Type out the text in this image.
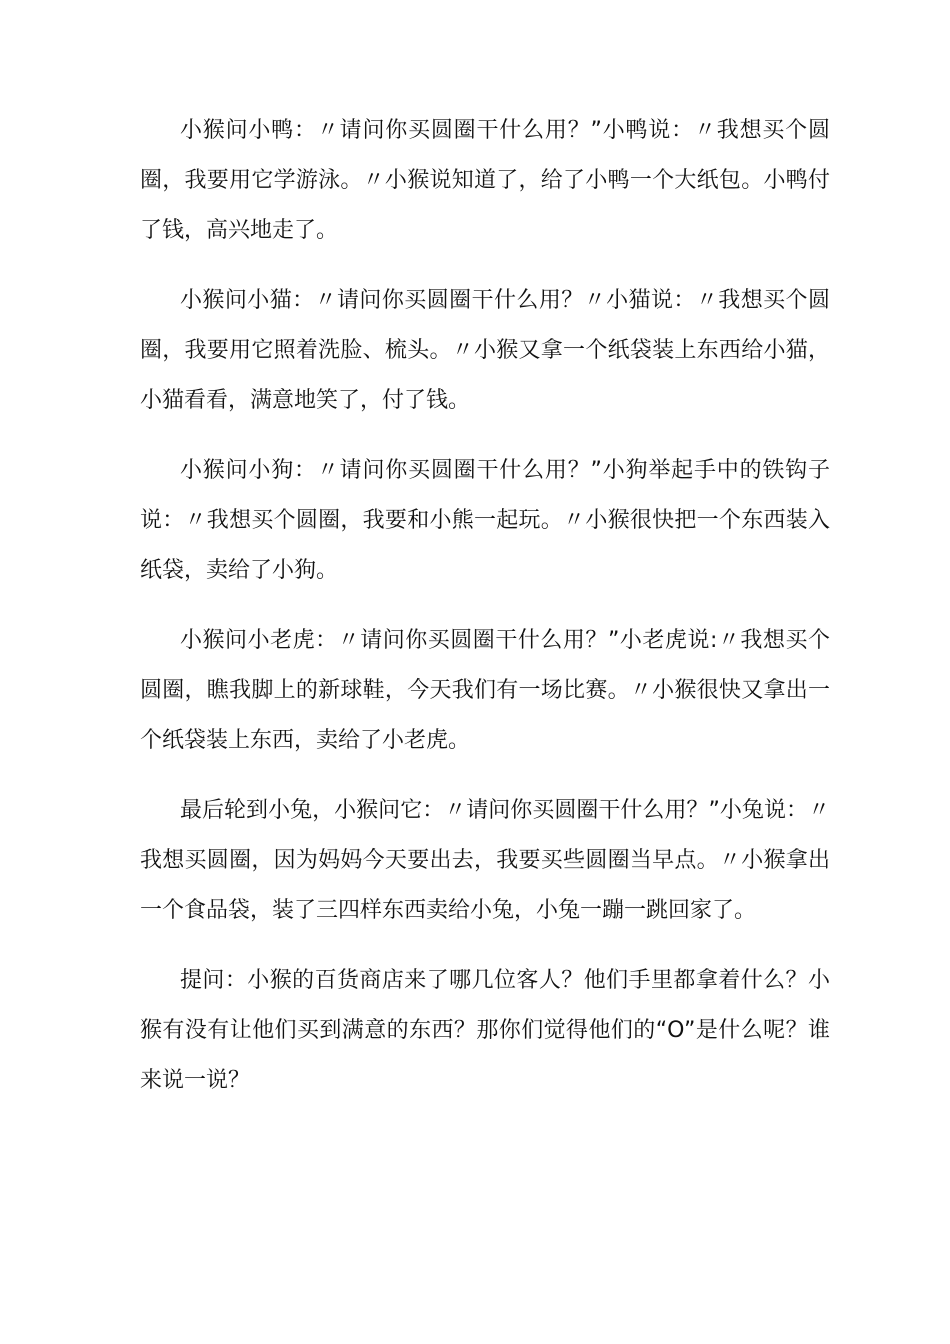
小猴问小鸭：〃请问你买圆圈干什么用？”小鸭说：〃我想买个圆圈，我要用它学游泳。〃小猴说知道了，给了小鸭一个大纸包。小鸭付了钱，高兴地走了。

小猴问小猫：〃请问你买圆圈干什么用？〃小猫说：〃我想买个圆圈，我要用它照着洗脸、梳头。〃小猴又拿一个纸袋装上东西给小猫，小猫看看，满意地笑了，付了钱。

小猴问小狗：〃请问你买圆圈干什么用？”小狗举起手中的铁钩子说：〃我想买个圆圈，我要和小熊一起玩。〃小猴很快把一个东西装入纸袋，卖给了小狗。

小猴问小老虎：〃请问你买圆圈干什么用？”小老虎说:〃我想买个圆圈，瞧我脚上的新球鞋，今天我们有一场比赛。〃小猴很快又拿出一个纸袋装上东西，卖给了小老虎。

最后轮到小兔，小猴问它：〃请问你买圆圈干什么用？”小兔说：〃我想买圆圈，因为妈妈今天要出去，我要买些圆圈当早点。〃小猴拿出一个食品袋，装了三四样东西卖给小兔，小兔一蹦一跳回家了。

提问：小猴的百货商店来了哪几位客人？他们手里都拿着什么？小猴有没有让他们买到满意的东西？那你们觉得他们的“O”是什么呢？谁来说一说？
